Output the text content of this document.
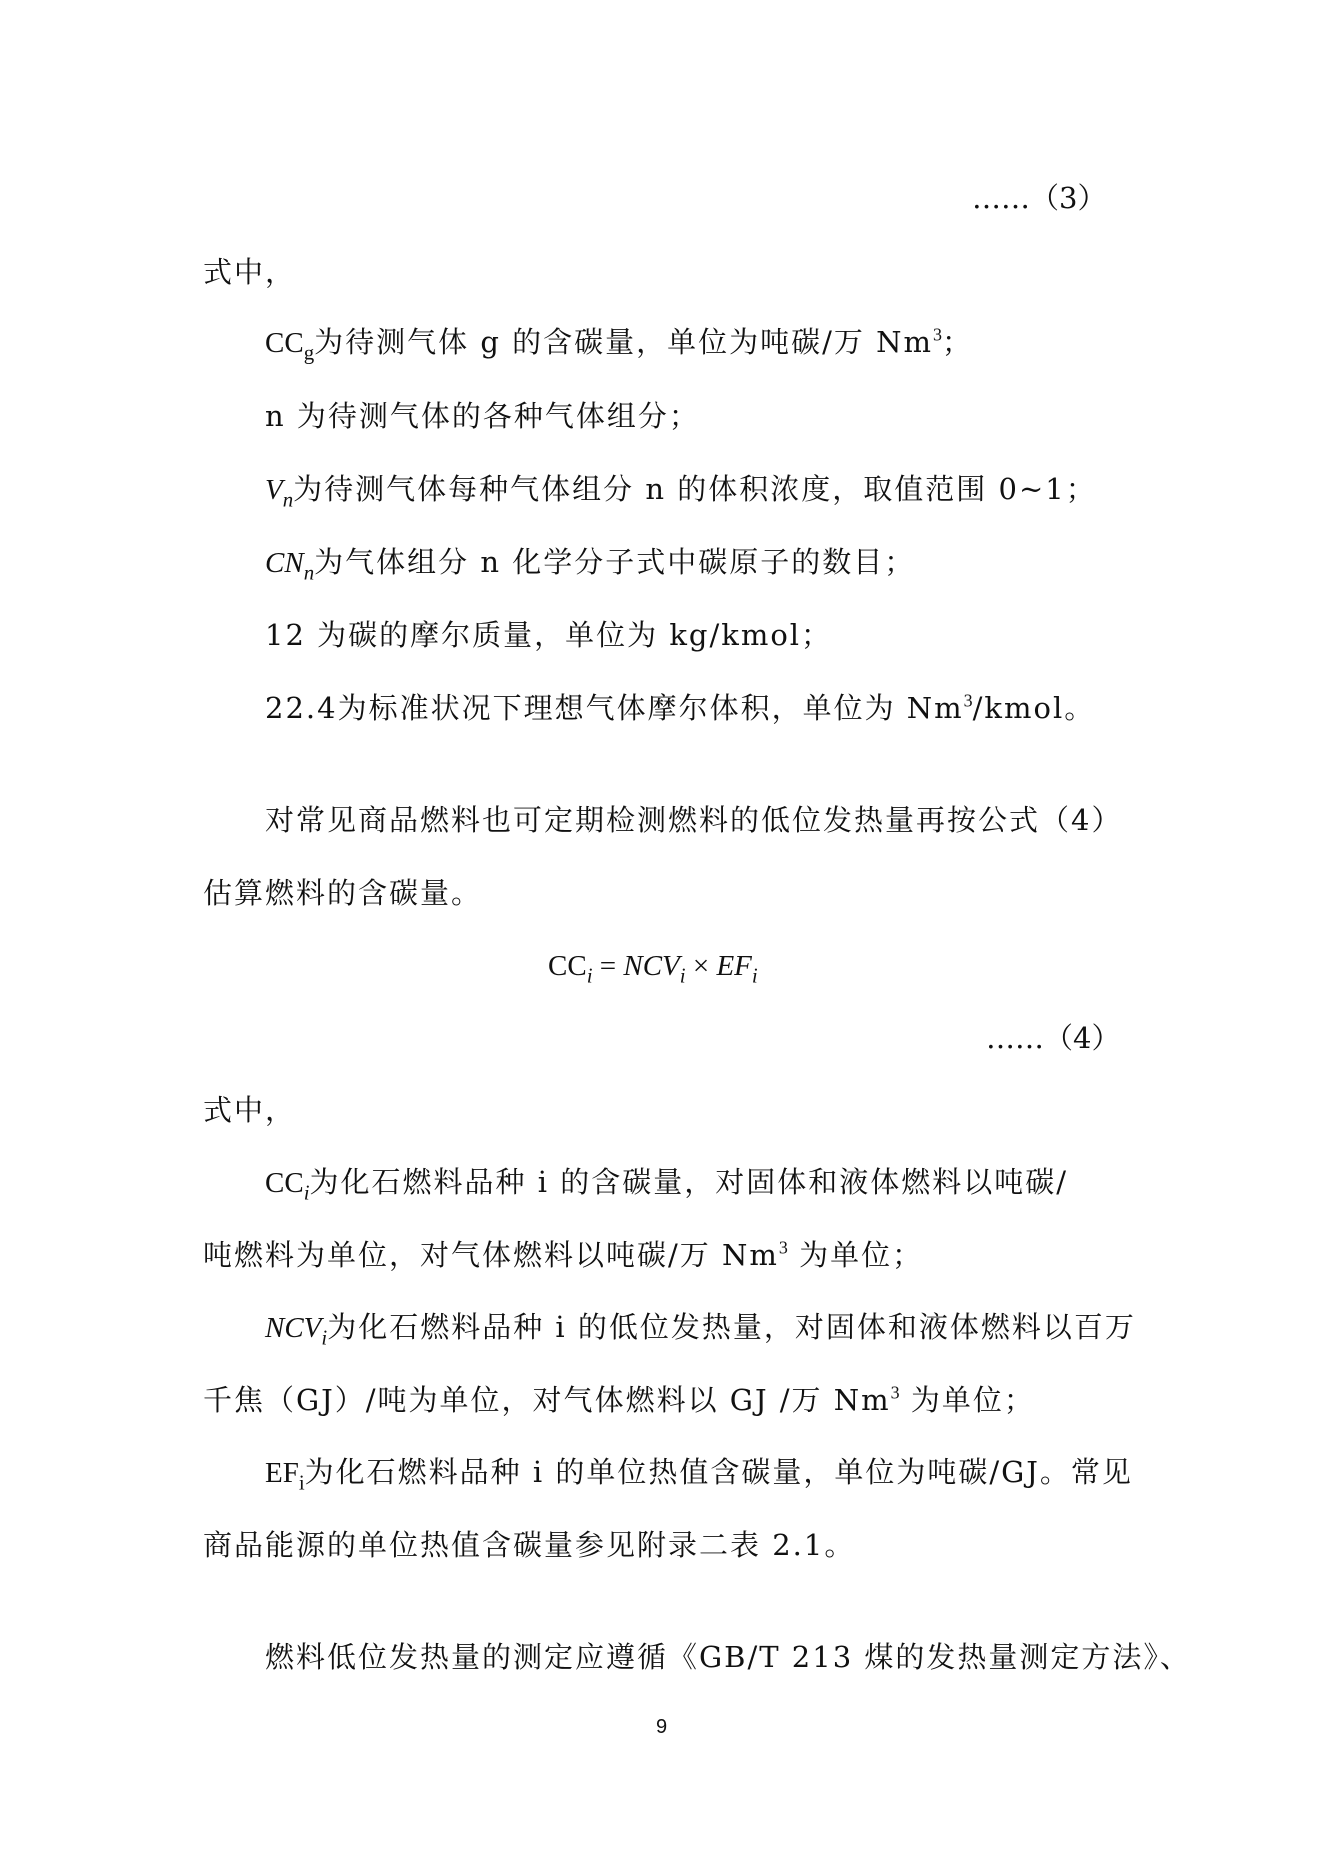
……（3）
式中，
$CC_g$为待测气体 g 的含碳量，单位为吨碳/万 Nm$^3$；
n 为待测气体的各种气体组分；
$V_n$为待测气体每种气体组分 n 的体积浓度，取值范围 0~1；
$CN_n$为气体组分 n 化学分子式中碳原子的数目；
12 为碳的摩尔质量，单位为 kg/kmol；
22.4为标准状况下理想气体摩尔体积，单位为 Nm$^3$/kmol。
对常见商品燃料也可定期检测燃料的低位发热量再按公式（4）
估算燃料的含碳量。
$CC_i = NCV_i \times EF_i$
……（4）
式中，
$CC_i$为化石燃料品种 i 的含碳量，对固体和液体燃料以吨碳/
吨燃料为单位，对气体燃料以吨碳/万 Nm$^3$ 为单位；
$NCV_i$为化石燃料品种 i 的低位发热量，对固体和液体燃料以百万
千焦（GJ）/吨为单位，对气体燃料以 GJ /万 Nm$^3$ 为单位；
$EF_i$为化石燃料品种 i 的单位热值含碳量，单位为吨碳/GJ。常见
商品能源的单位热值含碳量参见附录二表 2.1。
燃料低位发热量的测定应遵循《GB/T 213 煤的发热量测定方法》、
9
